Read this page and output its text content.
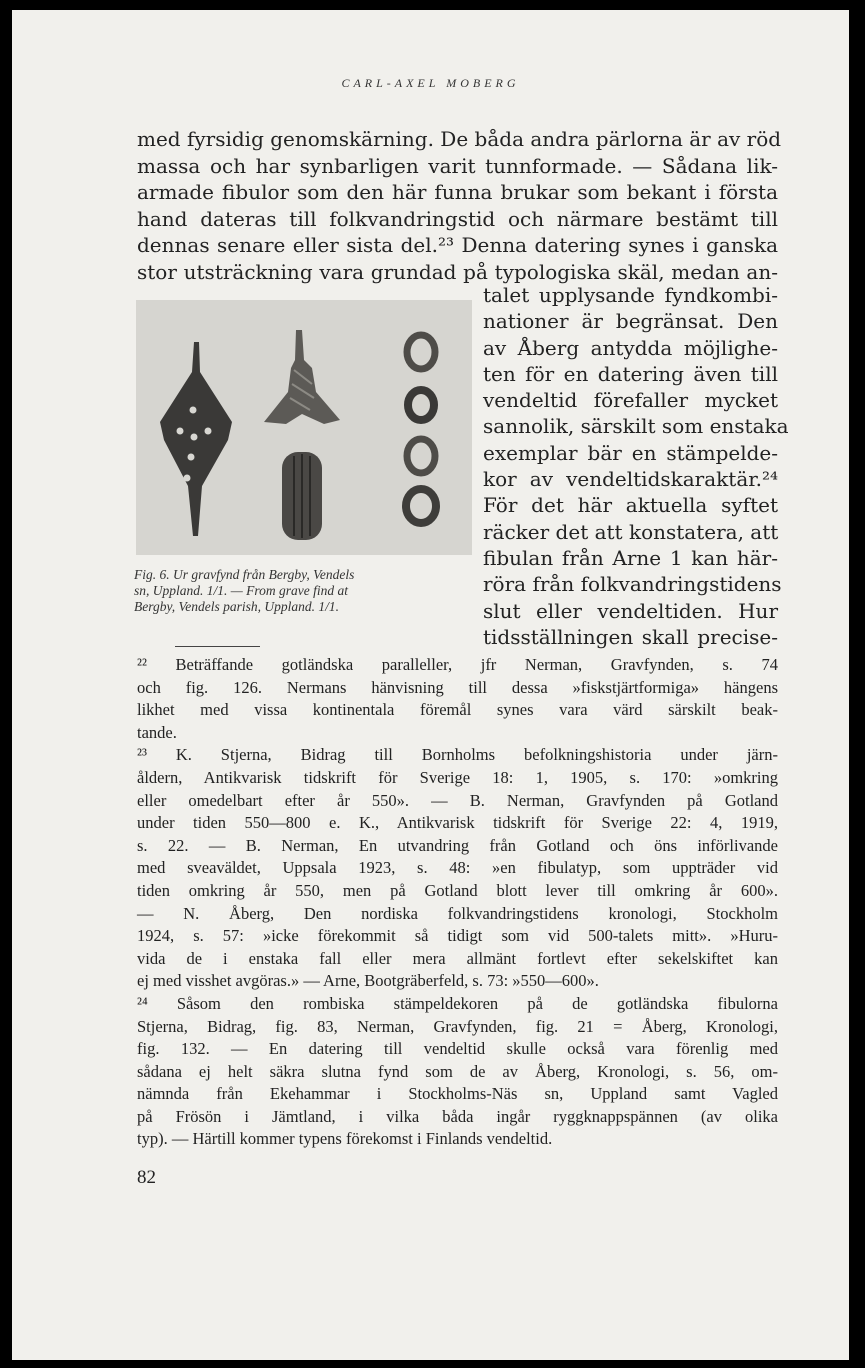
CARL-AXEL MOBERG
med fyrsidig genomskärning. De båda andra pärlorna är av röd
massa och har synbarligen varit tunnformade. — Sådana lik-
armade fibulor som den här funna brukar som bekant i första
hand dateras till folkvandringstid och närmare bestämt till
dennas senare eller sista del.²³ Denna datering synes i ganska
stor utsträckning vara grundad på typologiska skäl, medan an-
Fig. 6. Ur gravfynd från Bergby, Vendels
sn, Uppland. 1/1. — From grave find at
Bergby, Vendels parish, Uppland. 1/1.
talet upplysande fyndkombi-
nationer är begränsat. Den
av Åberg antydda möjlighe-
ten för en datering även till
vendeltid förefaller mycket
sannolik, särskilt som enstaka
exemplar bär en stämpelde-
kor av vendeltidskaraktär.²⁴
För det här aktuella syftet
räcker det att konstatera, att
fibulan från Arne 1 kan här-
röra från folkvandringstidens
slut eller vendeltiden. Hur
tidsställningen skall precise-

²² Beträffande gotländska paralleller, jfr Nerman, Gravfynden, s. 74
och fig. 126. Nermans hänvisning till dessa »fiskstjärtformiga» hängens
likhet med vissa kontinentala föremål synes vara värd särskilt beak-
tande.

²³ K. Stjerna, Bidrag till Bornholms befolkningshistoria under järn-
åldern, Antikvarisk tidskrift för Sverige 18: 1, 1905, s. 170: »omkring
eller omedelbart efter år 550». — B. Nerman, Gravfynden på Gotland
under tiden 550—800 e. K., Antikvarisk tidskrift för Sverige 22: 4, 1919,
s. 22. — B. Nerman, En utvandring från Gotland och öns införlivande
med sveaväldet, Uppsala 1923, s. 48: »en fibulatyp, som uppträder vid
tiden omkring år 550, men på Gotland blott lever till omkring år 600».
— N. Åberg, Den nordiska folkvandringstidens kronologi, Stockholm
1924, s. 57: »icke förekommit så tidigt som vid 500-talets mitt». »Huru-
vida de i enstaka fall eller mera allmänt fortlevt efter sekelskiftet kan
ej med visshet avgöras.» — Arne, Bootgräberfeld, s. 73: »550—600».

²⁴ Såsom den rombiska stämpeldekoren på de gotländska fibulorna
Stjerna, Bidrag, fig. 83, Nerman, Gravfynden, fig. 21 = Åberg, Kronologi,
fig. 132. — En datering till vendeltid skulle också vara förenlig med
sådana ej helt säkra slutna fynd som de av Åberg, Kronologi, s. 56, om-
nämnda från Ekehammar i Stockholms-Näs sn, Uppland samt Vagled
på Frösön i Jämtland, i vilka båda ingår ryggknappspännen (av olika
typ). — Härtill kommer typens förekomst i Finlands vendeltid.

82
